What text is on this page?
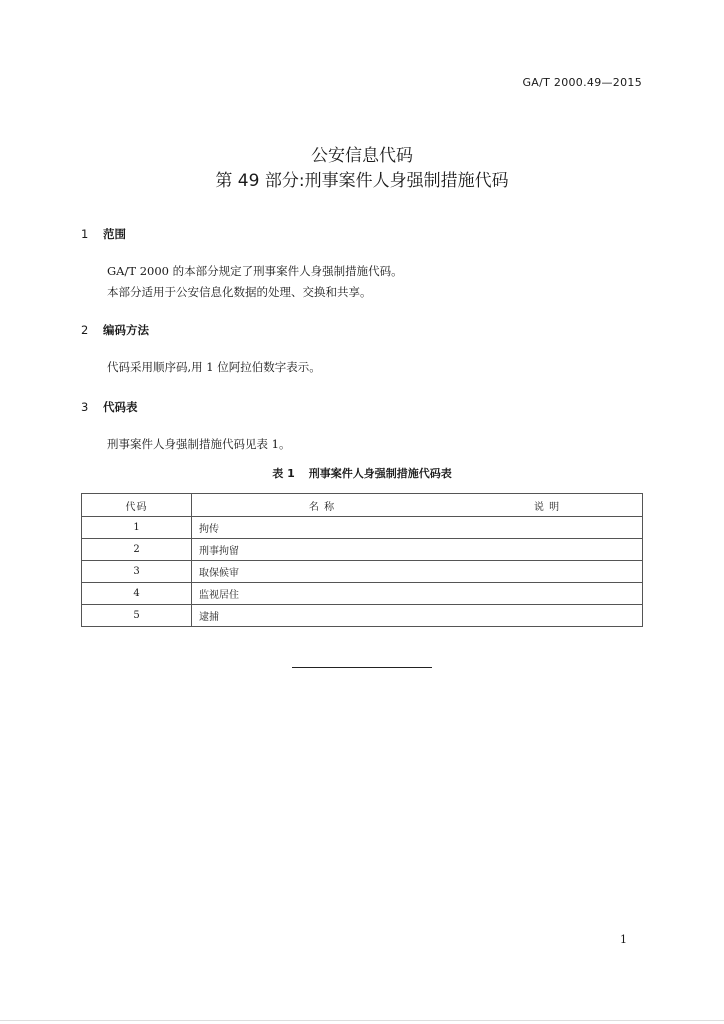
GA/T 2000.49—2015
公安信息代码
第 49 部分:刑事案件人身强制措施代码
1 范围
GA/T 2000 的本部分规定了刑事案件人身强制措施代码。
本部分适用于公安信息化数据的处理、交换和共享。
2 编码方法
代码采用顺序码,用 1 位阿拉伯数字表示。
3 代码表
刑事案件人身强制措施代码见表 1。
表 1 刑事案件人身强制措施代码表
代码	名 称	说 明
1	拘传	
2	刑事拘留	
3	取保候审	
4	监视居住	
5	逮捕	
1
